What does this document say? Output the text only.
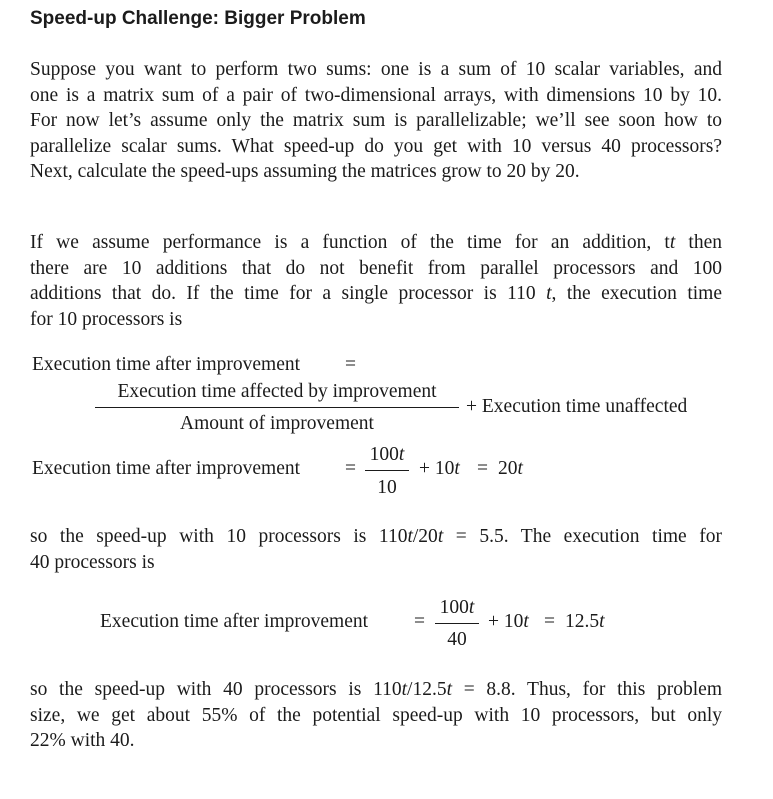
Speed-up Challenge: Bigger Problem
Suppose you want to perform two sums: one is a sum of 10 scalar variables, and
one is a matrix sum of a pair of two-dimensional arrays, with dimensions 10 by 10.
For now let’s assume only the matrix sum is parallelizable; we’ll see soon how to
parallelize scalar sums. What speed-up do you get with 10 versus 40 processors?
Next, calculate the speed-ups assuming the matrices grow to 20 by 20.
If we assume performance is a function of the time for an addition, tt then
there are 10 additions that do not benefit from parallel processors and 100
additions that do. If the time for a single processor is 110 t, the execution time
for 10 processors is
Execution time after improvement =
Execution time affected by improvement
Amount of improvement
+ Execution time unaffected
Execution time after improvement =
100t
10
+ 10t = 20t
so the speed-up with 10 processors is 110t/20t = 5.5. The execution time for
40 processors is
Execution time after improvement =
100t
40
+ 10t = 12.5t
so the speed-up with 40 processors is 110t/12.5t = 8.8. Thus, for this problem
size, we get about 55% of the potential speed-up with 10 processors, but only
22% with 40.
